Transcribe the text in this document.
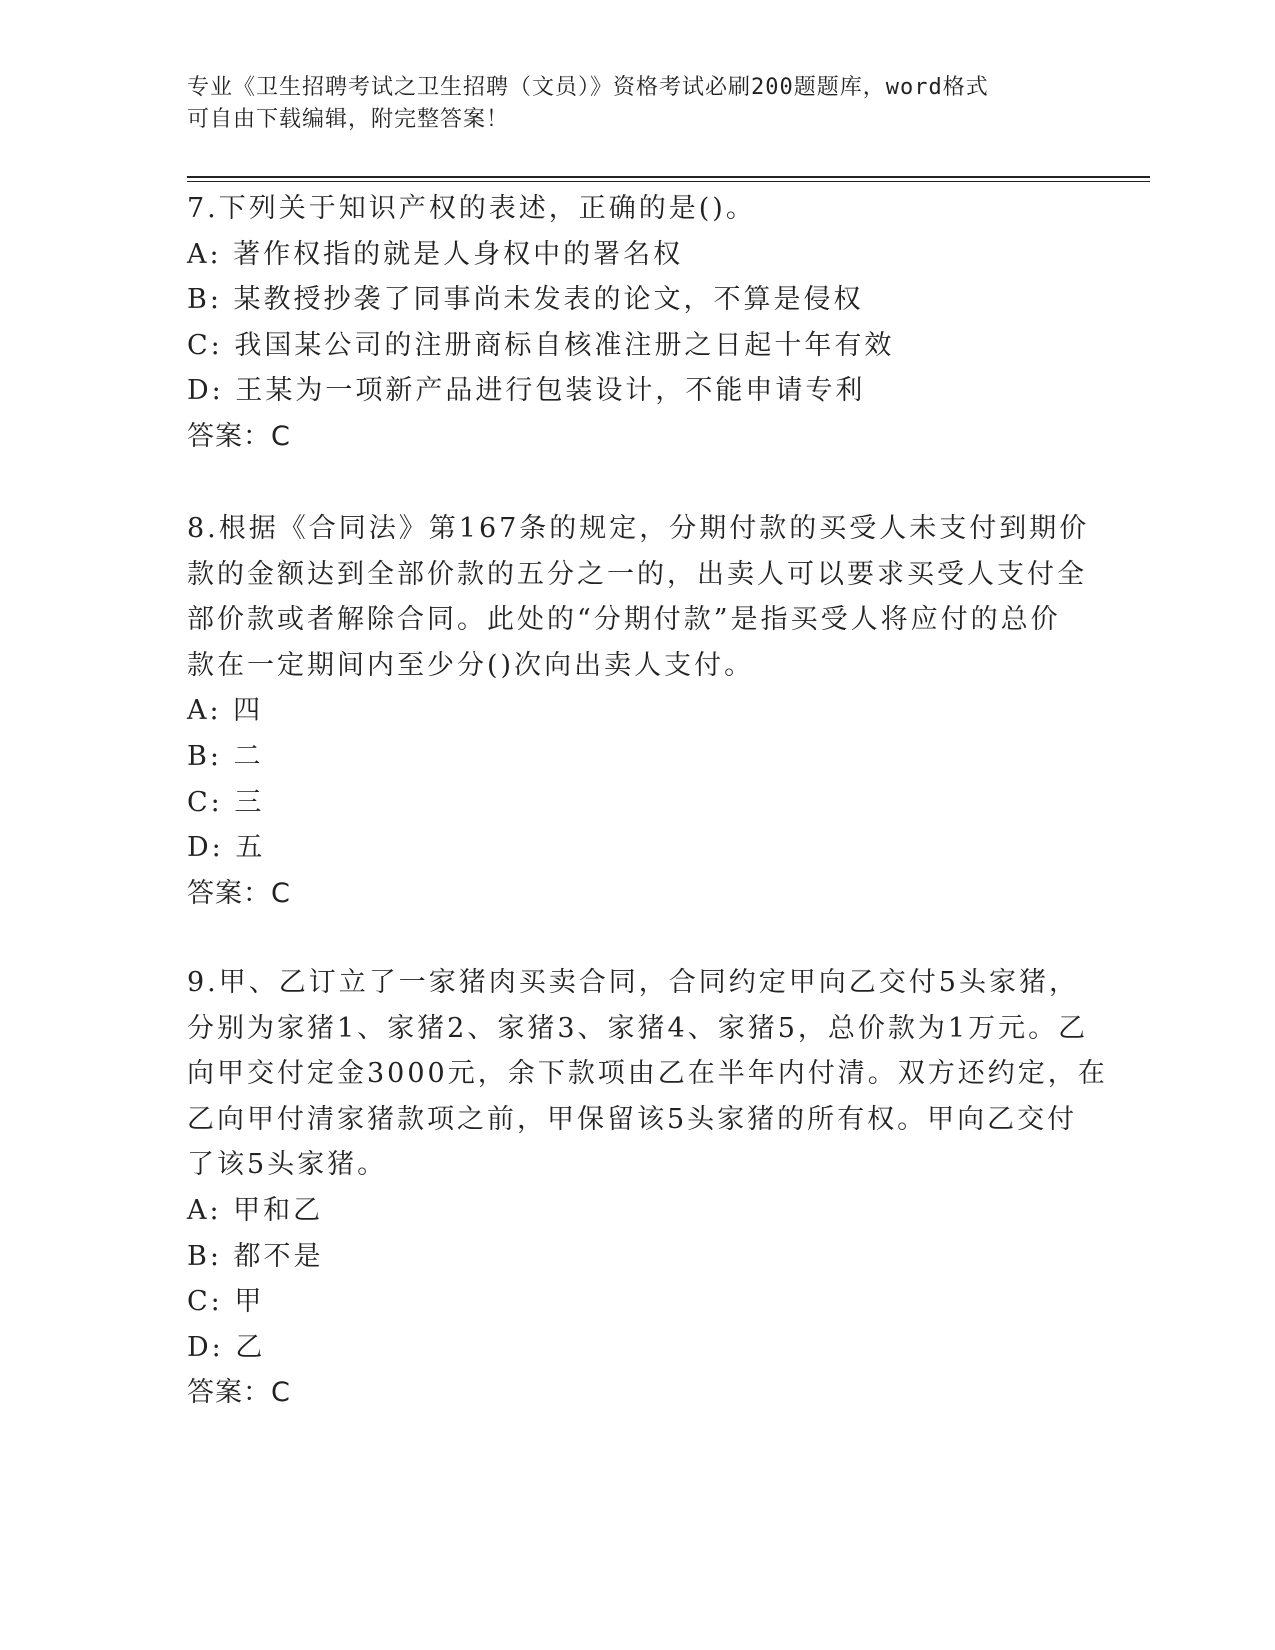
专业《卫生招聘考试之卫生招聘（文员）》资格考试必刷200题题库，word格式
可自由下载编辑，附完整答案！
7.下列关于知识产权的表述，正确的是()。
A: 著作权指的就是人身权中的署名权
B: 某教授抄袭了同事尚未发表的论文，不算是侵权
C: 我国某公司的注册商标自核准注册之日起十年有效
D: 王某为一项新产品进行包装设计，不能申请专利
答案：C
8.根据《合同法》第167条的规定，分期付款的买受人未支付到期价
款的金额达到全部价款的五分之一的，出卖人可以要求买受人支付全
部价款或者解除合同。此处的“分期付款”是指买受人将应付的总价
款在一定期间内至少分()次向出卖人支付。
A: 四
B: 二
C: 三
D: 五
答案：C
9.甲、乙订立了一家猪肉买卖合同，合同约定甲向乙交付5头家猪，
分别为家猪1、家猪2、家猪3、家猪4、家猪5，总价款为1万元。乙
向甲交付定金3000元，余下款项由乙在半年内付清。双方还约定，在
乙向甲付清家猪款项之前，甲保留该5头家猪的所有权。甲向乙交付
了该5头家猪。
A: 甲和乙
B: 都不是
C: 甲
D: 乙
答案：C
